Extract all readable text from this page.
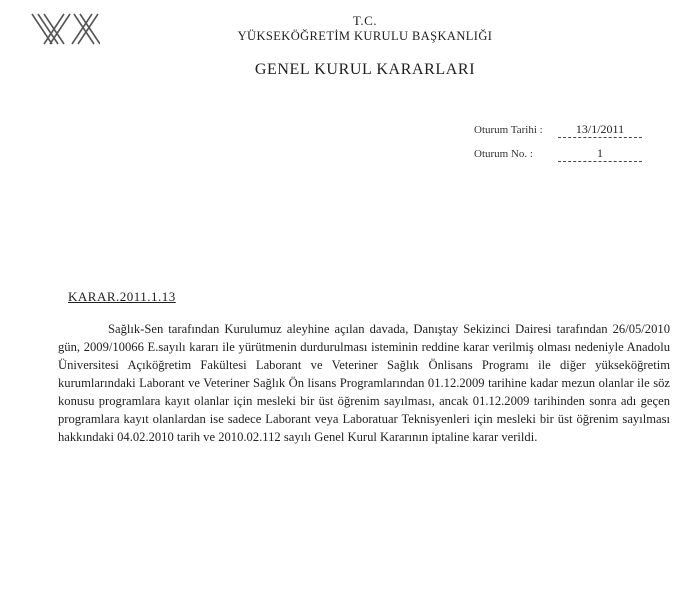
T.C.
YÜKSEKÖĞRETİM KURULU BAŞKANLIĞI
GENEL KURUL KARARLARI
Oturum Tarihi :	13/1/2011
Oturum No. :	1
KARAR.2011.1.13

Sağlık-Sen tarafından Kurulumuz aleyhine açılan davada, Danıştay Sekizinci Dairesi tarafından 26/05/2010 gün, 2009/10066 E.sayılı kararı ile yürütmenin durdurulması isteminin reddine karar verilmiş olması nedeniyle Anadolu Üniversitesi Açıköğretim Fakültesi Laborant ve Veteriner Sağlık Önlisans Programı ile diğer yükseköğretim kurumlarındaki Laborant ve Veteriner Sağlık Ön lisans Programlarından 01.12.2009 tarihine kadar mezun olanlar ile söz konusu programlara kayıt olanlar için mesleki bir üst öğrenim sayılması, ancak 01.12.2009 tarihinden sonra adı geçen programlara kayıt olanlardan ise sadece Laborant veya Laboratuar Teknisyenleri için mesleki bir üst öğrenim sayılması hakkındaki 04.02.2010 tarih ve 2010.02.112 sayılı Genel Kurul Kararının iptaline karar verildi.
